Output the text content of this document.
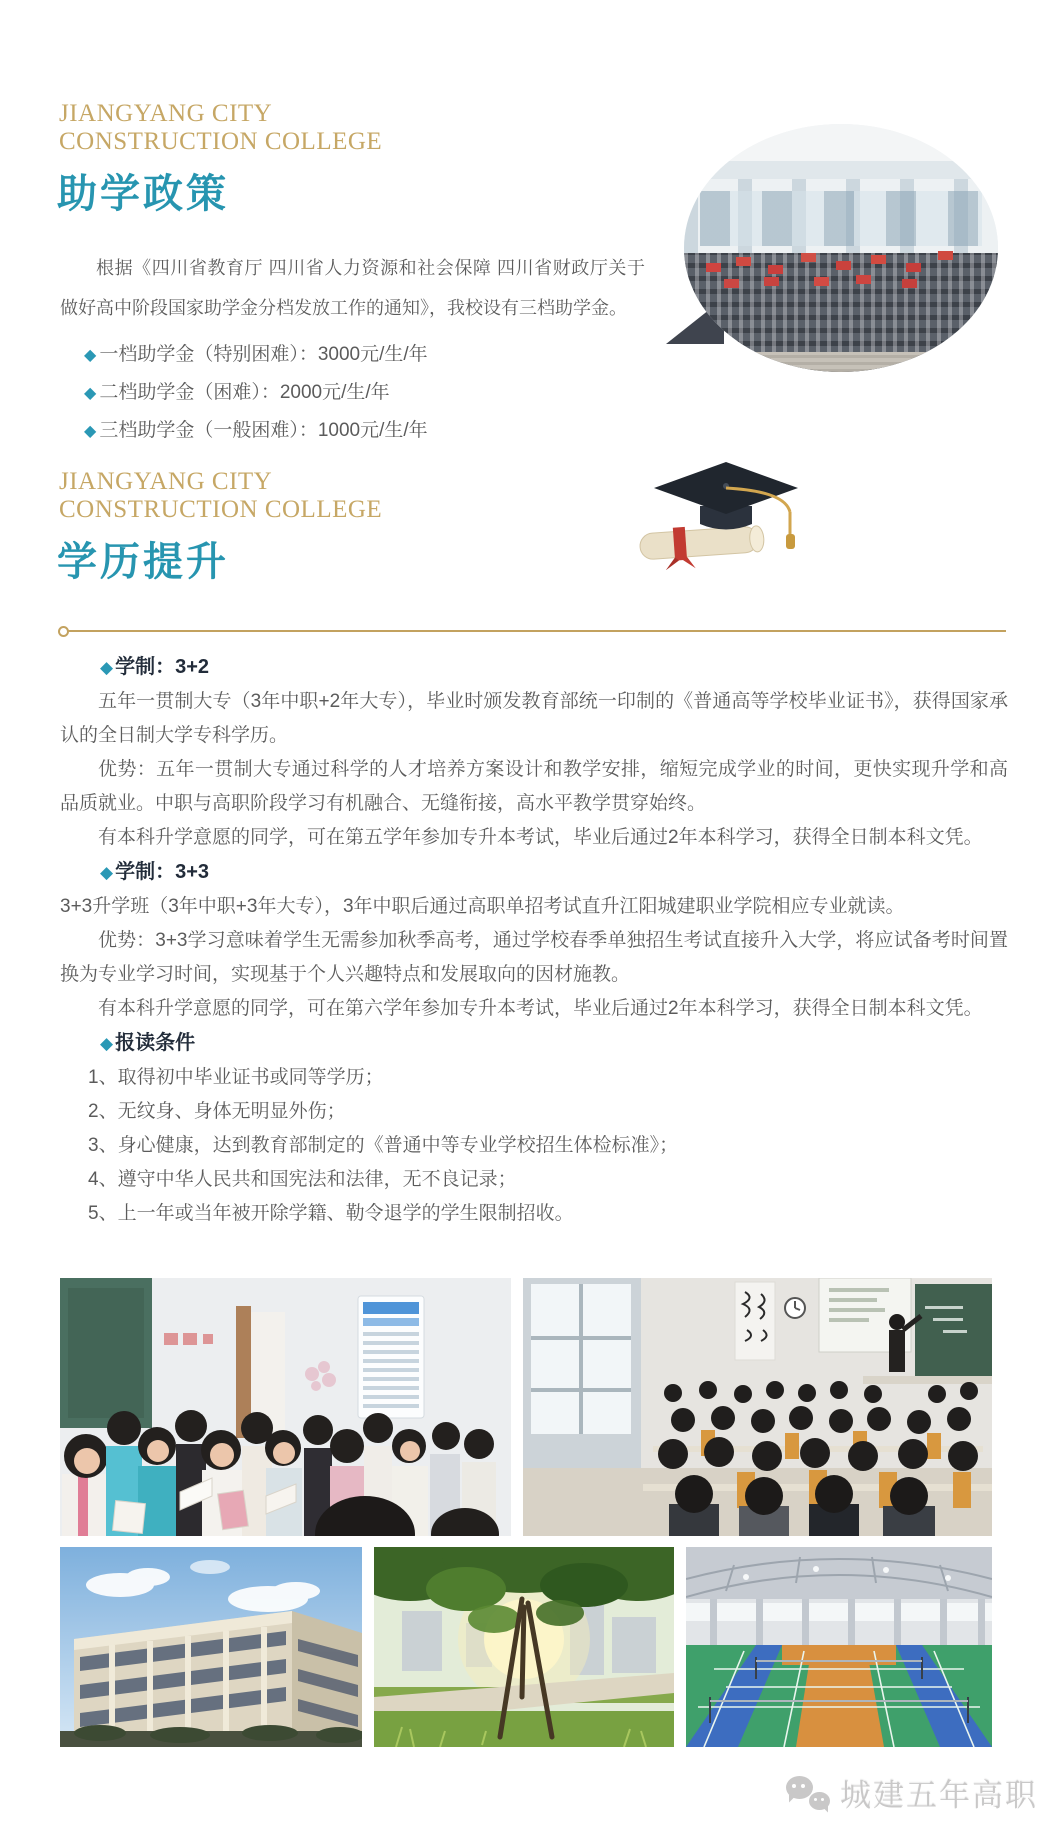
JIANGYANG CITY
CONSTRUCTION COLLEGE
助学政策

根据《四川省教育厅 四川省人力资源和社会保障 四川省财政厅关于做好高中阶段国家助学金分档发放工作的通知》，我校设有三档助学金。

◆ 一档助学金（特别困难）：3000元/生/年
◆ 二档助学金（困难）：2000元/生/年
◆ 三档助学金（一般困难）：1000元/生/年
JIANGYANG CITY
CONSTRUCTION COLLEGE
学历提升

◆ 学制：3+2

五年一贯制大专（3年中职+2年大专），毕业时颁发教育部统一印制的《普通高等学校毕业证书》，获得国家承认的全日制大学专科学历。

优势：五年一贯制大专通过科学的人才培养方案设计和教学安排，缩短完成学业的时间，更快实现升学和高品质就业。中职与高职阶段学习有机融合、无缝衔接，高水平教学贯穿始终。

有本科升学意愿的同学，可在第五学年参加专升本考试，毕业后通过2年本科学习，获得全日制本科文凭。

◆ 学制：3+3

3+3升学班（3年中职+3年大专），3年中职后通过高职单招考试直升江阳城建职业学院相应专业就读。

优势：3+3学习意味着学生无需参加秋季高考，通过学校春季单独招生考试直接升入大学，将应试备考时间置换为专业学习时间，实现基于个人兴趣特点和发展取向的因材施教。

有本科升学意愿的同学，可在第六学年参加专升本考试，毕业后通过2年本科学习，获得全日制本科文凭。

◆ 报读条件

1、取得初中毕业证书或同等学历；
2、无纹身、身体无明显外伤；
3、身心健康，达到教育部制定的《普通中等专业学校招生体检标准》；
4、遵守中华人民共和国宪法和法律，无不良记录；
5、上一年或当年被开除学籍、勒令退学的学生限制招收。
城建五年高职
